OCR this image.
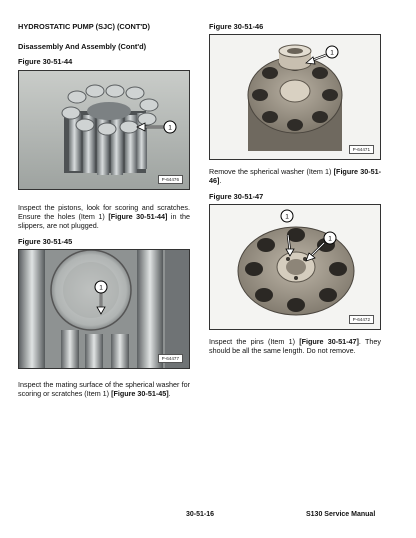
HYDROSTATIC PUMP (SJC) (CONT'D)
Disassembly And Assembly (Cont'd)
Figure 30-51-44
1
P-64476

Inspect the pistons, look for scoring and scratches. Ensure the holes (Item 1) [Figure 30-51-44] in the slippers, are not plugged.

Figure 30-51-45
1
P-64477

Inspect the mating surface of the spherical washer for scoring or scratches (Item 1) [Figure 30-51-45].

Figure 30-51-46
1
P-64471

Remove the spherical washer (Item 1) [Figure 30-51-46].

Figure 30-51-47
1
1
P-64472

Inspect the pins (Item 1) [Figure 30-51-47]. They should be all the same length. Do not remove.

30-51-16	S130 Service Manual
